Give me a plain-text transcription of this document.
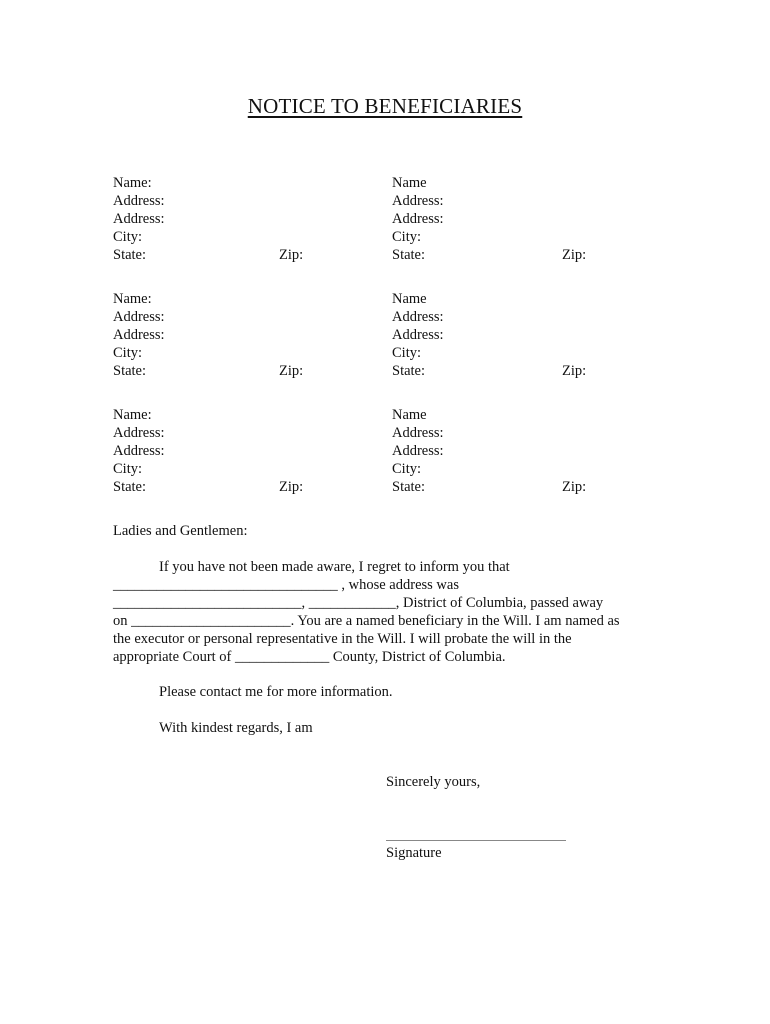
NOTICE TO BENEFICIARIES
Name:
Address:
Address:
City:
State:	Zip:
Name
Address:
Address:
City:
State:	Zip:
Name:
Address:
Address:
City:
State:	Zip:
Name
Address:
Address:
City:
State:	Zip:
Name:
Address:
Address:
City:
State:	Zip:
Name
Address:
Address:
City:
State:	Zip:
Ladies and Gentlemen:
If you have not been made aware, I regret to inform you that
_______________________________ , whose address was
__________________________, ____________, District of Columbia, passed away
on ______________________. You are a named beneficiary in the Will. I am named as
the executor or personal representative in the Will. I will probate the will in the
appropriate Court of _____________ County, District of Columbia.
Please contact me for more information.
With kindest regards, I am
Sincerely yours,
Signature
